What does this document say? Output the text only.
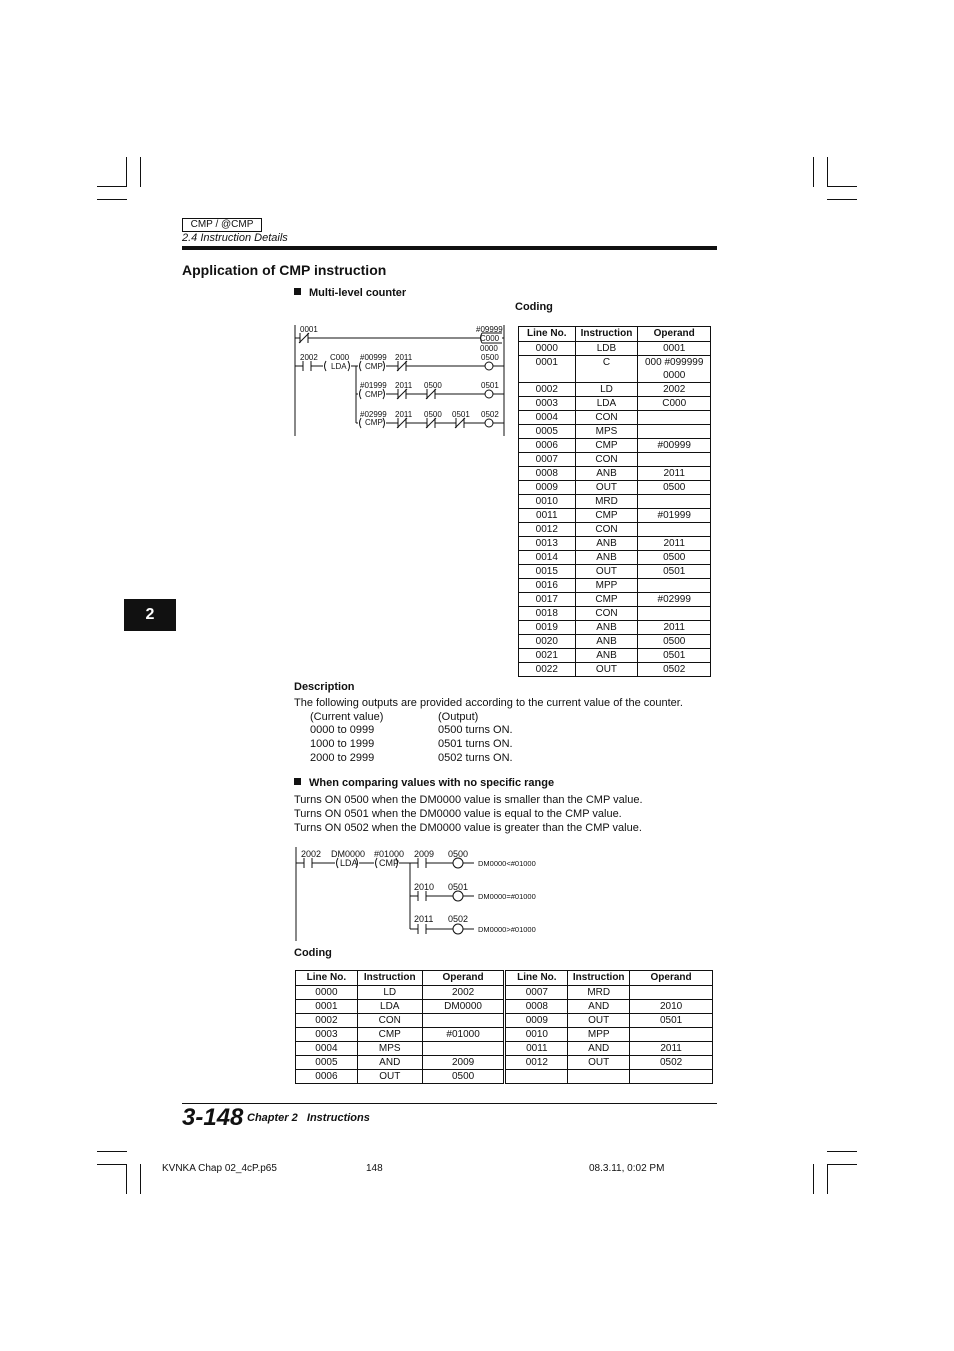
CMP / @CMP
2.4 Instruction Details
Application of CMP instruction
Multi-level counter
Coding
0001	#09999
C000
0000
2002 C000
LDA
#00999
CMP
2011	0500
#01999
CMP
2011 0500	0501
#02999
CMP
2011 0500 0501 0502
Line No.	Instruction	Operand
0000	LDB	0001
0001	C	000 #099999
0000
0002	LD	2002
0003	LDA	C000
0004	CON	
0005	MPS	
0006	CMP	#00999
0007	CON	
0008	ANB	2011
0009	OUT	0500
0010	MRD	
0011	CMP	#01999
0012	CON	
0013	ANB	2011
0014	ANB	0500
0015	OUT	0501
0016	MPP	
0017	CMP	#02999
0018	CON	
0019	ANB	2011
0020	ANB	0500
0021	ANB	0501
0022	OUT	0502
2
Description
The following outputs are provided according to the current value of the counter.
(Current value)	(Output)
0000 to 0999	0500 turns ON.
1000 to 1999	0501 turns ON.
2000 to 2999	0502 turns ON.
When comparing values with no specific range
Turns ON 0500 when the DM0000 value is smaller than the CMP value.
Turns ON 0501 when the DM0000 value is equal to the CMP value.
Turns ON 0502 when the DM0000 value is greater than the CMP value.
2002 DM0000
LDA
#01000
CMP
2009 0500
2010 0501
2011 0502
DM0000<#01000
DM0000=#01000
DM0000>#01000
Coding
Line No.	Instruction	Operand	Line No.	Instruction	Operand
0000	LD	2002	0007	MRD	
0001	LDA	DM0000	0008	AND	2010
0002	CON		0009	OUT	0501
0003	CMP	#01000	0010	MPP	
0004	MPS		0011	AND	2011
0005	AND	2009	0012	OUT	0502
0006	OUT	0500			
3-148 Chapter 2   Instructions
KVNKA Chap 02_4cP.p65	148	08.3.11, 0:02 PM
